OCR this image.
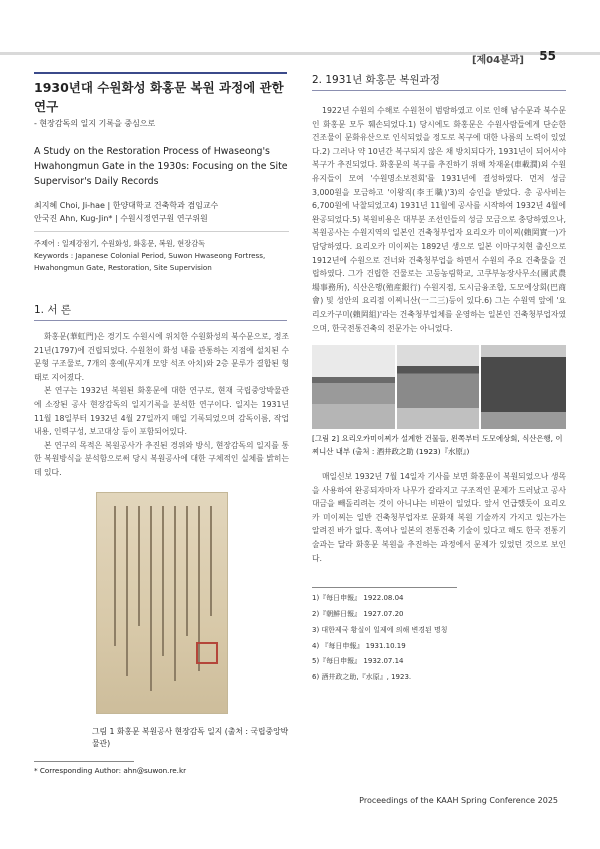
[제04분과] 55
1930년대 수원화성 화홍문 복원 과정에 관한 연구
- 현장감독의 일지 기록을 중심으로
A Study on the Restoration Process of Hwaseong's Hwahongmun Gate in the 1930s: Focusing on the Site Supervisor's Daily Records
최지혜 Choi, Ji-hae | 한양대학교 건축학과 겸임교수
안국진 Ahn, Kug-Jin* | 수원시정연구원 연구위원
주제어 : 일제강점기, 수원화성, 화홍문, 복원, 현장감독
Keywords : Japanese Colonial Period, Suwon Hwaseong Fortress, Hwahongmun Gate, Restoration, Site Supervision
1. 서 론

화홍문(華虹門)은 경기도 수원시에 위치한 수원화성의 북수문으로, 정조 21년(1797)에 건립되었다. 수원천이 화성 내를 관통하는 지점에 설치된 수문형 구조물로, 7개의 홍예(무지개 모양 석조 아치)와 2층 문루가 결합된 형태로 지어졌다.

본 연구는 1932년 복원된 화홍문에 대한 연구로, 현재 국립중앙박물관에 소장된 공사 현장감독의 일지기록을 분석한 연구이다. 일지는 1931년 11월 18일부터 1932년 4월 27일까지 매일 기록되었으며 감독이름, 작업내용, 인력구성, 보고대상 등이 포함되어있다.

본 연구의 목적은 복원공사가 추진된 경위와 방식, 현장감독의 일지를 통한 복원방식을 분석함으로써 당시 복원공사에 대한 구체적인 실체를 밝히는 데 있다.

그림 1 화홍문 복원공사 현장감독 일지 (출처 : 국립중앙박물관)
* Corresponding Author: ahn@suwon.re.kr
2. 1931년 화홍문 복원과정

1922년 수원의 수해로 수원천이 범람하였고 이로 인해 남수문과 북수문인 화홍문 모두 훼손되었다.1) 당시에도 화홍문은 수원사람들에게 단순한 건조물이 문화유산으로 인식되었을 정도로 복구에 대한 나름의 노력이 있었다.2) 그러나 약 10년간 복구되지 않은 채 방치되다가, 1931년이 되어서야 복구가 추진되었다. 화홍문의 복구를 추진하기 위해 차재윤(車載潤)외 수원 유지들이 모여 '수원명소보전회'를 1931년에 결성하였다. 먼저 성금 3,000원을 모금하고 '이왕직(李王職)'3)의 승인을 받았다. 총 공사비는 6,700원에 낙찰되었고4) 1931년 11월에 공사를 시작하여 1932년 4월에 완공되었다.5) 복원비용은 대부분 조선인들의 성금 모금으로 충당하였으나, 복원공사는 수원지역의 일본인 건축청부업자 요리오카 미이찌(賴岡實一)가 담당하였다. 요리오카 미이찌는 1892년 생으로 일본 이마구치현 출신으로 1912년에 수원으로 건너와 건축청부업을 하면서 수원의 주요 건축물을 건립하였다. 그가 건립한 건물로는 고등농림학교, 고쿠부농장사무소(國武農場事務所), 식산은행(殖産銀行) 수원지점, 도시금융조합, 도모에상회(巴商會) 및 성안의 요리점 이찌니산(一二三)등이 있다.6) 그는 수원역 앞에 '요리오카구미(賴岡組)'라는 건축청부업체를 운영하는 일본인 건축청부업자였으며, 한국전통건축의 전문가는 아니었다.

[그림 2] 요리오카미이찌가 설계한 건물들, 왼쪽부터 도모에상회, 식산은행, 이찌니산 내부 (출처 : 酒井政之助 (1923)『水原』)

매일신보 1932년 7월 14일자 기사를 보면 화홍문이 복원되었으나 생목을 사용하여 완공되자마자 나무가 갈라지고 구조적인 문제가 드러났고 공사대금을 빼돌리려는 것이 아니냐는 비판이 일었다. 앞서 언급했듯이 요리오카 미이찌는 일반 건축청부업자로 문화재 복원 기술까지 가지고 있는가는 알려진 바가 없다. 혹여나 일본의 전통건축 기술이 있다고 해도 한국 전통기술과는 달라 화홍문 복원을 추진하는 과정에서 문제가 있었던 것으로 보인다.

1)『每日申報』 1922.08.04
2)『朝鮮日報』 1927.07.20
3) 대한제국 황실이 일제에 의해 변경된 명칭
4) 『每日申報』 1931.10.19
5)『每日申報』 1932.07.14
6) 酒井政之助,『水原』, 1923.
Proceedings of the KAAH Spring Conference 2025
